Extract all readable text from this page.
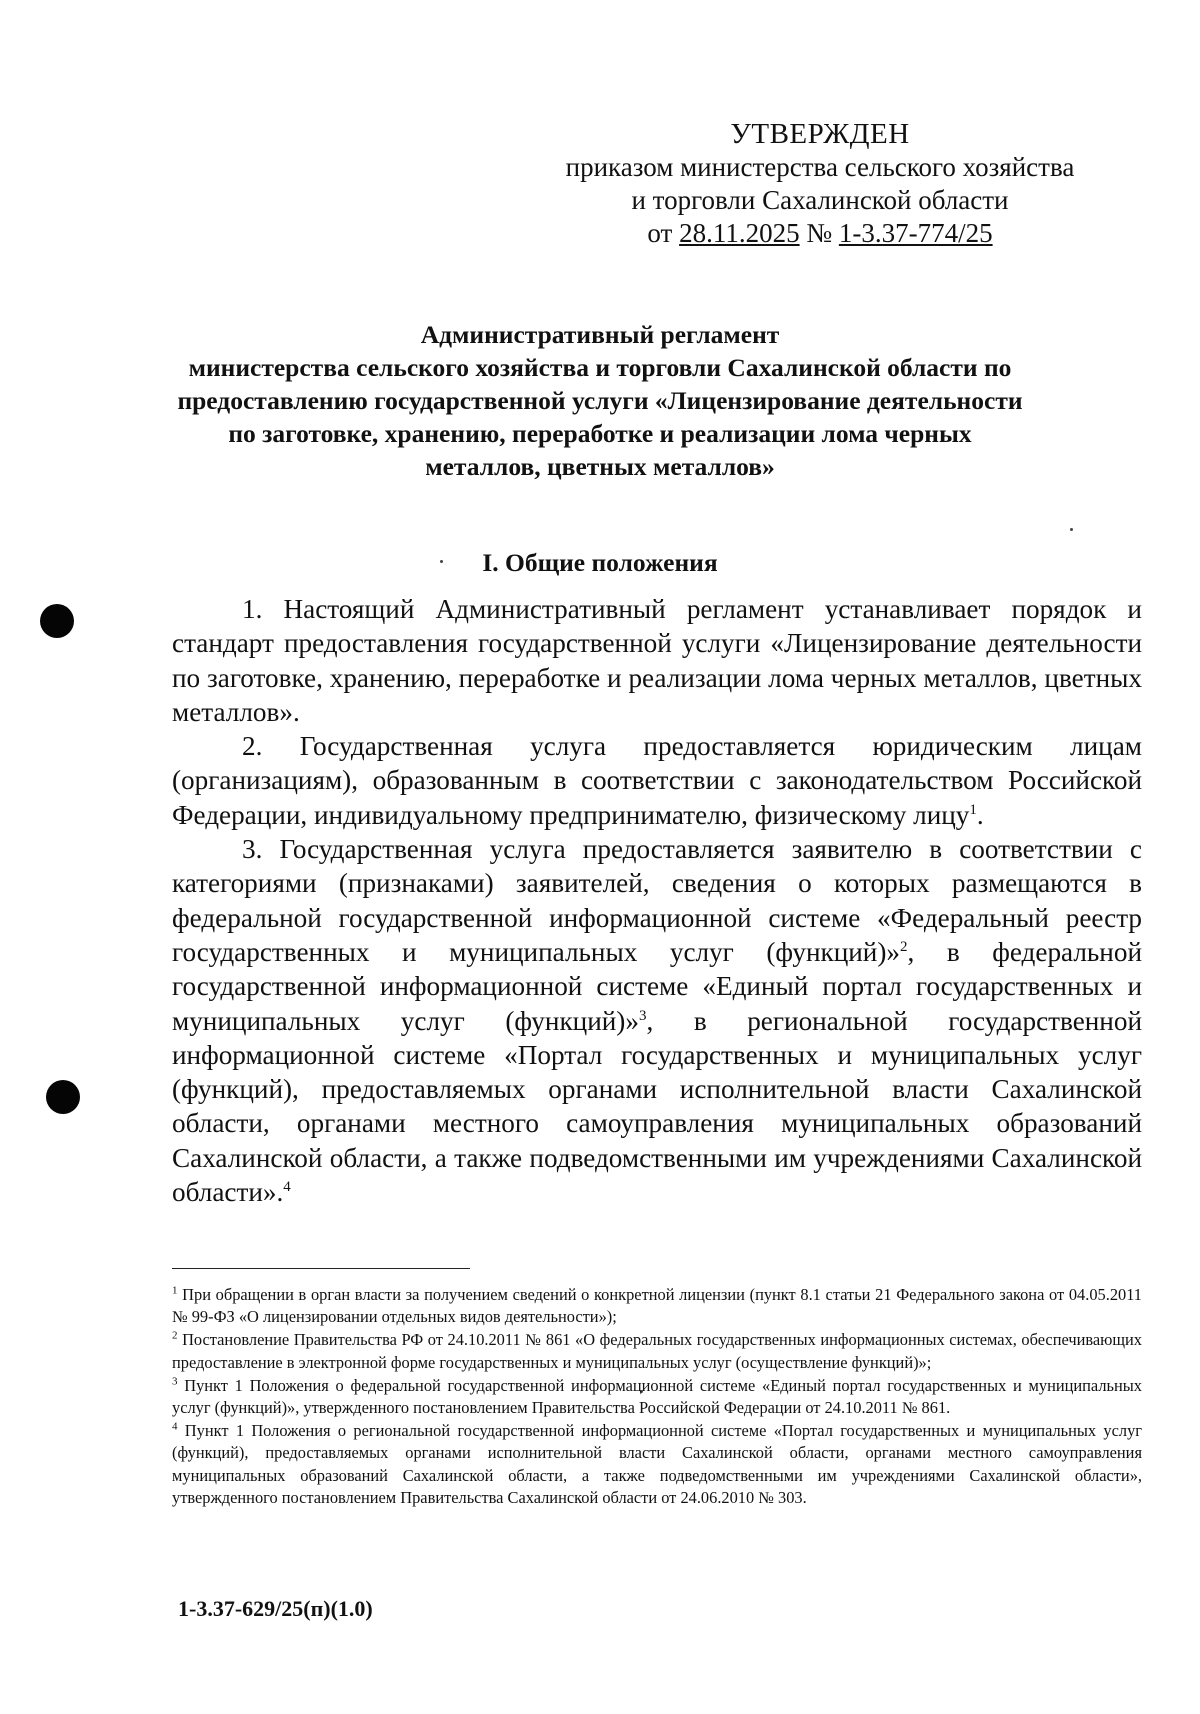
УТВЕРЖДЕН
приказом министерства сельского хозяйства
и торговли Сахалинской области
от 28.11.2025 № 1-3.37-774/25
Административный регламент
министерства сельского хозяйства и торговли Сахалинской области по
предоставлению государственной услуги «Лицензирование деятельности
по заготовке, хранению, переработке и реализации лома черных
металлов, цветных металлов»
I. Общие положения

1. Настоящий Административный регламент устанавливает порядок и стандарт предоставления государственной услуги «Лицензирование деятельности по заготовке, хранению, переработке и реализации лома черных металлов, цветных металлов».

2. Государственная услуга предоставляется юридическим лицам (организациям), образованным в соответствии с законодательством Российской Федерации, индивидуальному предпринимателю, физическому лицу$^1$.

3. Государственная услуга предоставляется заявителю в соответствии с категориями (признаками) заявителей, сведения о которых размещаются в федеральной государственной информационной системе «Федеральный реестр государственных и муниципальных услуг (функций)»$^2$, в федеральной государственной информационной системе «Единый портал государственных и муниципальных услуг (функций)»$^3$, в региональной государственной информационной системе «Портал государственных и муниципальных услуг (функций), предоставляемых органами исполнительной власти Сахалинской области, органами местного самоуправления муниципальных образований Сахалинской области, а также подведомственными им учреждениями Сахалинской области».$^4$

$^1$ При обращении в орган власти за получением сведений о конкретной лицензии (пункт 8.1 статьи 21 Федерального закона от 04.05.2011 № 99-ФЗ «О лицензировании отдельных видов деятельности»);

$^2$ Постановление Правительства РФ от 24.10.2011 № 861 «О федеральных государственных информационных системах, обеспечивающих предоставление в электронной форме государственных и муниципальных услуг (осуществление функций)»;

$^3$ Пункт 1 Положения о федеральной государственной информационной системе «Единый портал государственных и муниципальных услуг (функций)», утвержденного постановлением Правительства Российской Федерации от 24.10.2011 № 861.

$^4$ Пункт 1 Положения о региональной государственной информационной системе «Портал государственных и муниципальных услуг (функций), предоставляемых органами исполнительной власти Сахалинской области, органами местного самоуправления муниципальных образований Сахалинской области, а также подведомственными им учреждениями Сахалинской области», утвержденного постановлением Правительства Сахалинской области от 24.06.2010 № 303.

1-3.37-629/25(п)(1.0)
